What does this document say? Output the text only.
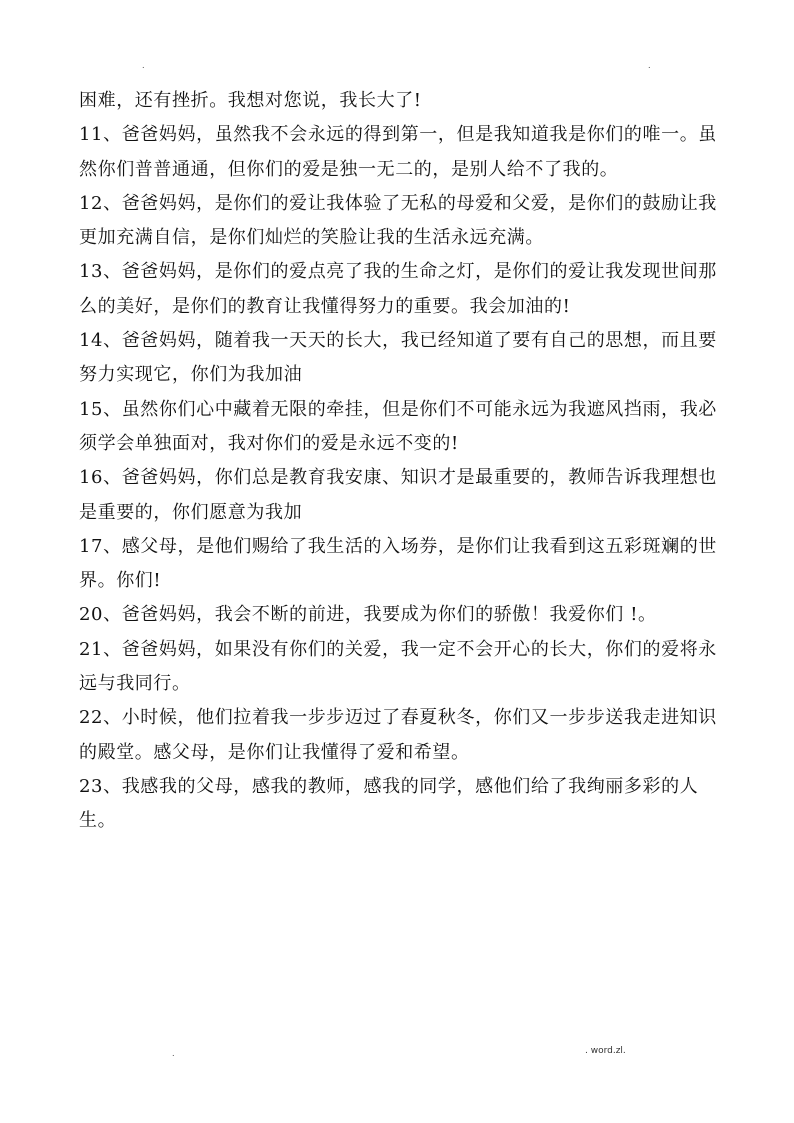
.	.

困难，还有挫折。我想对您说，我长大了!

11、爸爸妈妈，虽然我不会永远的得到第一，但是我知道我是你们的唯一。虽然你们普普通通，但你们的爱是独一无二的，是别人给不了我的。

12、爸爸妈妈，是你们的爱让我体验了无私的母爱和父爱，是你们的鼓励让我更加充满自信，是你们灿烂的笑脸让我的生活永远充满。

13、爸爸妈妈，是你们的爱点亮了我的生命之灯，是你们的爱让我发现世间那么的美好，是你们的教育让我懂得努力的重要。我会加油的!

14、爸爸妈妈，随着我一天天的长大，我已经知道了要有自己的思想，而且要努力实现它，你们为我加油

15、虽然你们心中藏着无限的牵挂，但是你们不可能永远为我遮风挡雨，我必须学会单独面对，我对你们的爱是永远不变的!

16、爸爸妈妈，你们总是教育我安康、知识才是最重要的，教师告诉我理想也是重要的，你们愿意为我加

17、感父母，是他们赐给了我生活的入场券，是你们让我看到这五彩斑斓的世界。你们!

20、爸爸妈妈，我会不断的前进，我要成为你们的骄傲！我爱你们 !。

21、爸爸妈妈，如果没有你们的关爱，我一定不会开心的长大，你们的爱将永远与我同行。

22、小时候，他们拉着我一步步迈过了春夏秋冬，你们又一步步送我走进知识的殿堂。感父母，是你们让我懂得了爱和希望。

23、我感我的父母，感我的教师，感我的同学，感他们给了我绚丽多彩的人生。

.	. word.zl.
